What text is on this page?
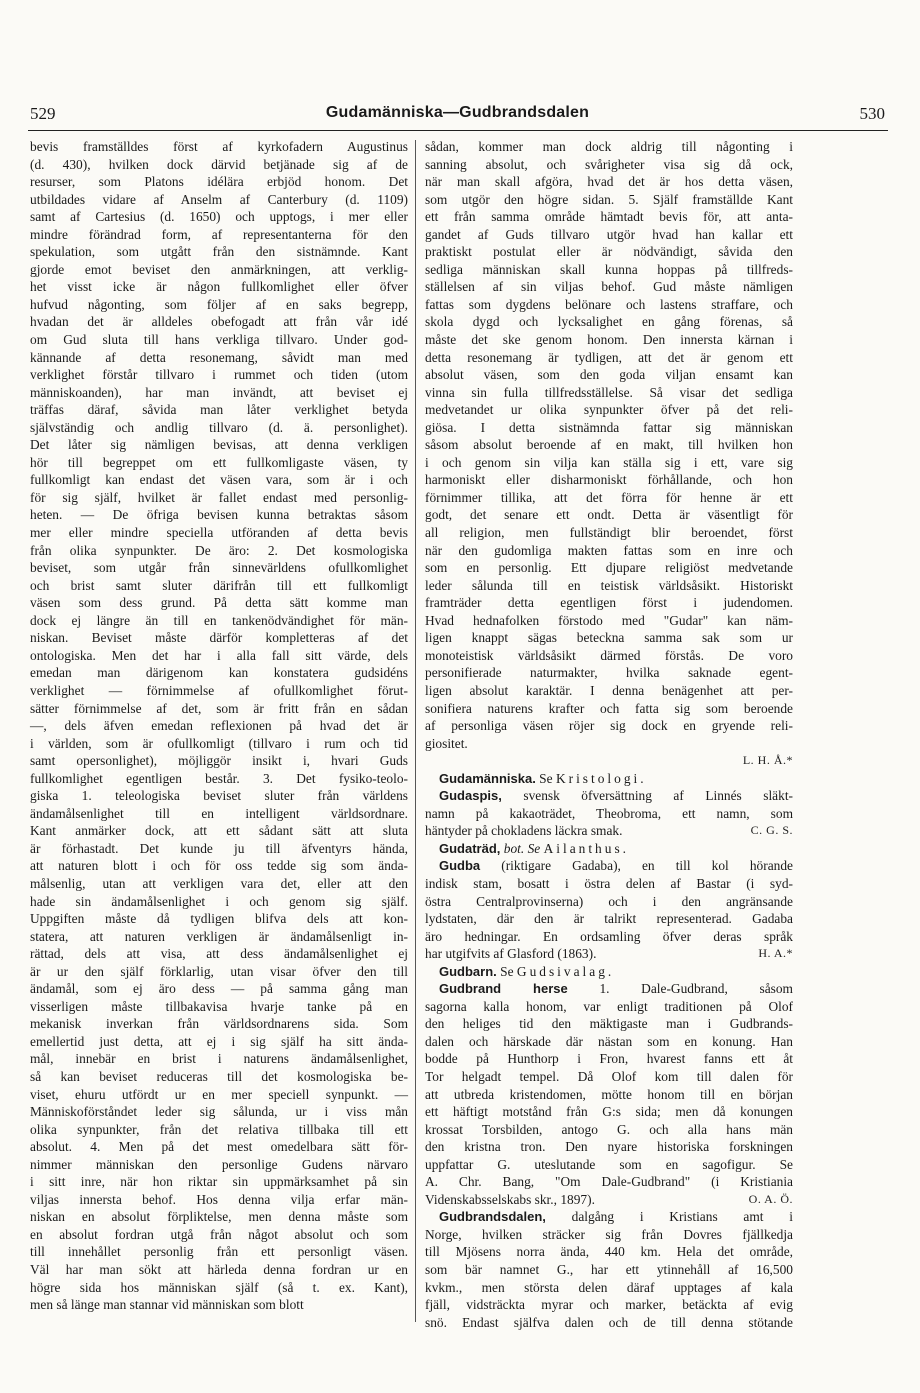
529	Gudamänniska—Gudbrandsdalen	530
bevis framställdes först af kyrkofadern Augustinus
(d. 430), hvilken dock därvid betjänade sig af de
resurser, som Platons idélära erbjöd honom. Det
utbildades vidare af Anselm af Canterbury (d. 1109)
samt af Cartesius (d. 1650) och upptogs, i mer eller
mindre förändrad form, af representanterna för den
spekulation, som utgått från den sistnämnde. Kant
gjorde emot beviset den anmärkningen, att verklig-
het visst icke är någon fullkomlighet eller öfver
hufvud någonting, som följer af en saks begrepp,
hvadan det är alldeles obefogadt att från vår idé
om Gud sluta till hans verkliga tillvaro. Under god-
kännande af detta resonemang, såvidt man med
verklighet förstår tillvaro i rummet och tiden (utom
människoanden), har man invändt, att beviset ej
träffas däraf, såvida man låter verklighet betyda
självständig och andlig tillvaro (d. ä. personlighet).
Det låter sig nämligen bevisas, att denna verkligen
hör till begreppet om ett fullkomligaste väsen, ty
fullkomligt kan endast det väsen vara, som är i och
för sig själf, hvilket är fallet endast med personlig-
heten. — De öfriga bevisen kunna betraktas såsom
mer eller mindre speciella utföranden af detta bevis
från olika synpunkter. De äro: 2. Det kosmologiska
beviset, som utgår från sinnevärldens ofullkomlighet
och brist samt sluter därifrån till ett fullkomligt
väsen som dess grund. På detta sätt komme man
dock ej längre än till en tankenödvändighet för män-
niskan. Beviset måste därför kompletteras af det
ontologiska. Men det har i alla fall sitt värde, dels
emedan man därigenom kan konstatera gudsidéns
verklighet — förnimmelse af ofullkomlighet förut-
sätter förnimmelse af det, som är fritt från en sådan
—, dels äfven emedan reflexionen på hvad det är
i världen, som är ofullkomligt (tillvaro i rum och tid
samt opersonlighet), möjliggör insikt i, hvari Guds
fullkomlighet egentligen består. 3. Det fysiko-teolo-
giska 1. teleologiska beviset sluter från världens
ändamålsenlighet till en intelligent världsordnare.
Kant anmärker dock, att ett sådant sätt att sluta
är förhastadt. Det kunde ju till äfventyrs hända,
att naturen blott i och för oss tedde sig som ända-
målsenlig, utan att verkligen vara det, eller att den
hade sin ändamålsenlighet i och genom sig själf.
Uppgiften måste då tydligen blifva dels att kon-
statera, att naturen verkligen är ändamålsenligt in-
rättad, dels att visa, att dess ändamålsenlighet ej
är ur den själf förklarlig, utan visar öfver den till
ändamål, som ej äro dess — på samma gång man
visserligen måste tillbakavisa hvarje tanke på en
mekanisk inverkan från världsordnarens sida. Som
emellertid just detta, att ej i sig själf ha sitt ända-
mål, innebär en brist i naturens ändamålsenlighet,
så kan beviset reduceras till det kosmologiska be-
viset, ehuru utfördt ur en mer speciell synpunkt. —
Människoförståndet leder sig sålunda, ur i viss mån
olika synpunkter, från det relativa tillbaka till ett
absolut. 4. Men på det mest omedelbara sätt för-
nimmer människan den personlige Gudens närvaro
i sitt inre, när hon riktar sin uppmärksamhet på sin
viljas innersta behof. Hos denna vilja erfar män-
niskan en absolut förpliktelse, men denna måste som
en absolut fordran utgå från något absolut och som
till innehållet personlig från ett personligt väsen.
Väl har man sökt att härleda denna fordran ur en
högre sida hos människan själf (så t. ex. Kant),
men så länge man stannar vid människan som blott
sådan, kommer man dock aldrig till någonting i
sanning absolut, och svårigheter visa sig då ock,
när man skall afgöra, hvad det är hos detta väsen,
som utgör den högre sidan. 5. Själf framställde Kant
ett från samma område hämtadt bevis för, att anta-
gandet af Guds tillvaro utgör hvad han kallar ett
praktiskt postulat eller är nödvändigt, såvida den
sedliga människan skall kunna hoppas på tillfreds-
ställelsen af sin viljas behof. Gud måste nämligen
fattas som dygdens belönare och lastens straffare, och
skola dygd och lycksalighet en gång förenas, så
måste det ske genom honom. Den innersta kärnan i
detta resonemang är tydligen, att det är genom ett
absolut väsen, som den goda viljan ensamt kan
vinna sin fulla tillfredsställelse. Så visar det sedliga
medvetandet ur olika synpunkter öfver på det reli-
giösa. I detta sistnämnda fattar sig människan
såsom absolut beroende af en makt, till hvilken hon
i och genom sin vilja kan ställa sig i ett, vare sig
harmoniskt eller disharmoniskt förhållande, och hon
förnimmer tillika, att det förra för henne är ett
godt, det senare ett ondt. Detta är väsentligt för
all religion, men fullständigt blir beroendet, först
när den gudomliga makten fattas som en inre och
som en personlig. Ett djupare religiöst medvetande
leder sålunda till en teistisk världsåsikt. Historiskt
framträder detta egentligen först i judendomen.
Hvad hednafolken förstodo med "Gudar" kan näm-
ligen knappt sägas beteckna samma sak som ur
monoteistisk världsåsikt därmed förstås. De voro
personifierade naturmakter, hvilka saknade egent-
ligen absolut karaktär. I denna benägenhet att per-
sonifiera naturens krafter och fatta sig som beroende
af personliga väsen röjer sig dock en gryende reli-
giositet.
L. H. Å.*
Gudamänniska. Se Kristologi.
Gudaspis, svensk öfversättning af Linnés släkt-
namn på kakaoträdet, Theobroma, ett namn, som
häntyder på chokladens läckra smak.	C. G. S.
Gudaträd, bot. Se Ailanthus.
Gudba (riktigare Gadaba), en till kol hörande
indisk stam, bosatt i östra delen af Bastar (i syd-
östra Centralprovinserna) och i den angränsande
lydstaten, där den är talrikt representerad. Gadaba
äro hedningar. En ordsamling öfver deras språk
har utgifvits af Glasford (1863).	H. A.*
Gudbarn. Se Gudsivalag.
Gudbrand herse 1. Dale-Gudbrand, såsom
sagorna kalla honom, var enligt traditionen på Olof
den heliges tid den mäktigaste man i Gudbrands-
dalen och härskade där nästan som en konung. Han
bodde på Hunthorp i Fron, hvarest fanns ett åt
Tor helgadt tempel. Då Olof kom till dalen för
att utbreda kristendomen, mötte honom till en början
ett häftigt motstånd från G:s sida; men då konungen
krossat Torsbilden, antogo G. och alla hans män
den kristna tron. Den nyare historiska forskningen
uppfattar G. uteslutande som en sagofigur. Se
A. Chr. Bang, "Om Dale-Gudbrand" (i Kristiania
Videnskabsselskabs skr., 1897).	O. A. Ö.
Gudbrandsdalen, dalgång i Kristians amt i
Norge, hvilken sträcker sig från Dovres fjällkedja
till Mjösens norra ända, 440 km. Hela det område,
som bär namnet G., har ett ytinnehåll af 16,500
kvkm., men största delen däraf upptages af kala
fjäll, vidsträckta myrar och marker, betäckta af evig
snö. Endast själfva dalen och de till denna stötande
